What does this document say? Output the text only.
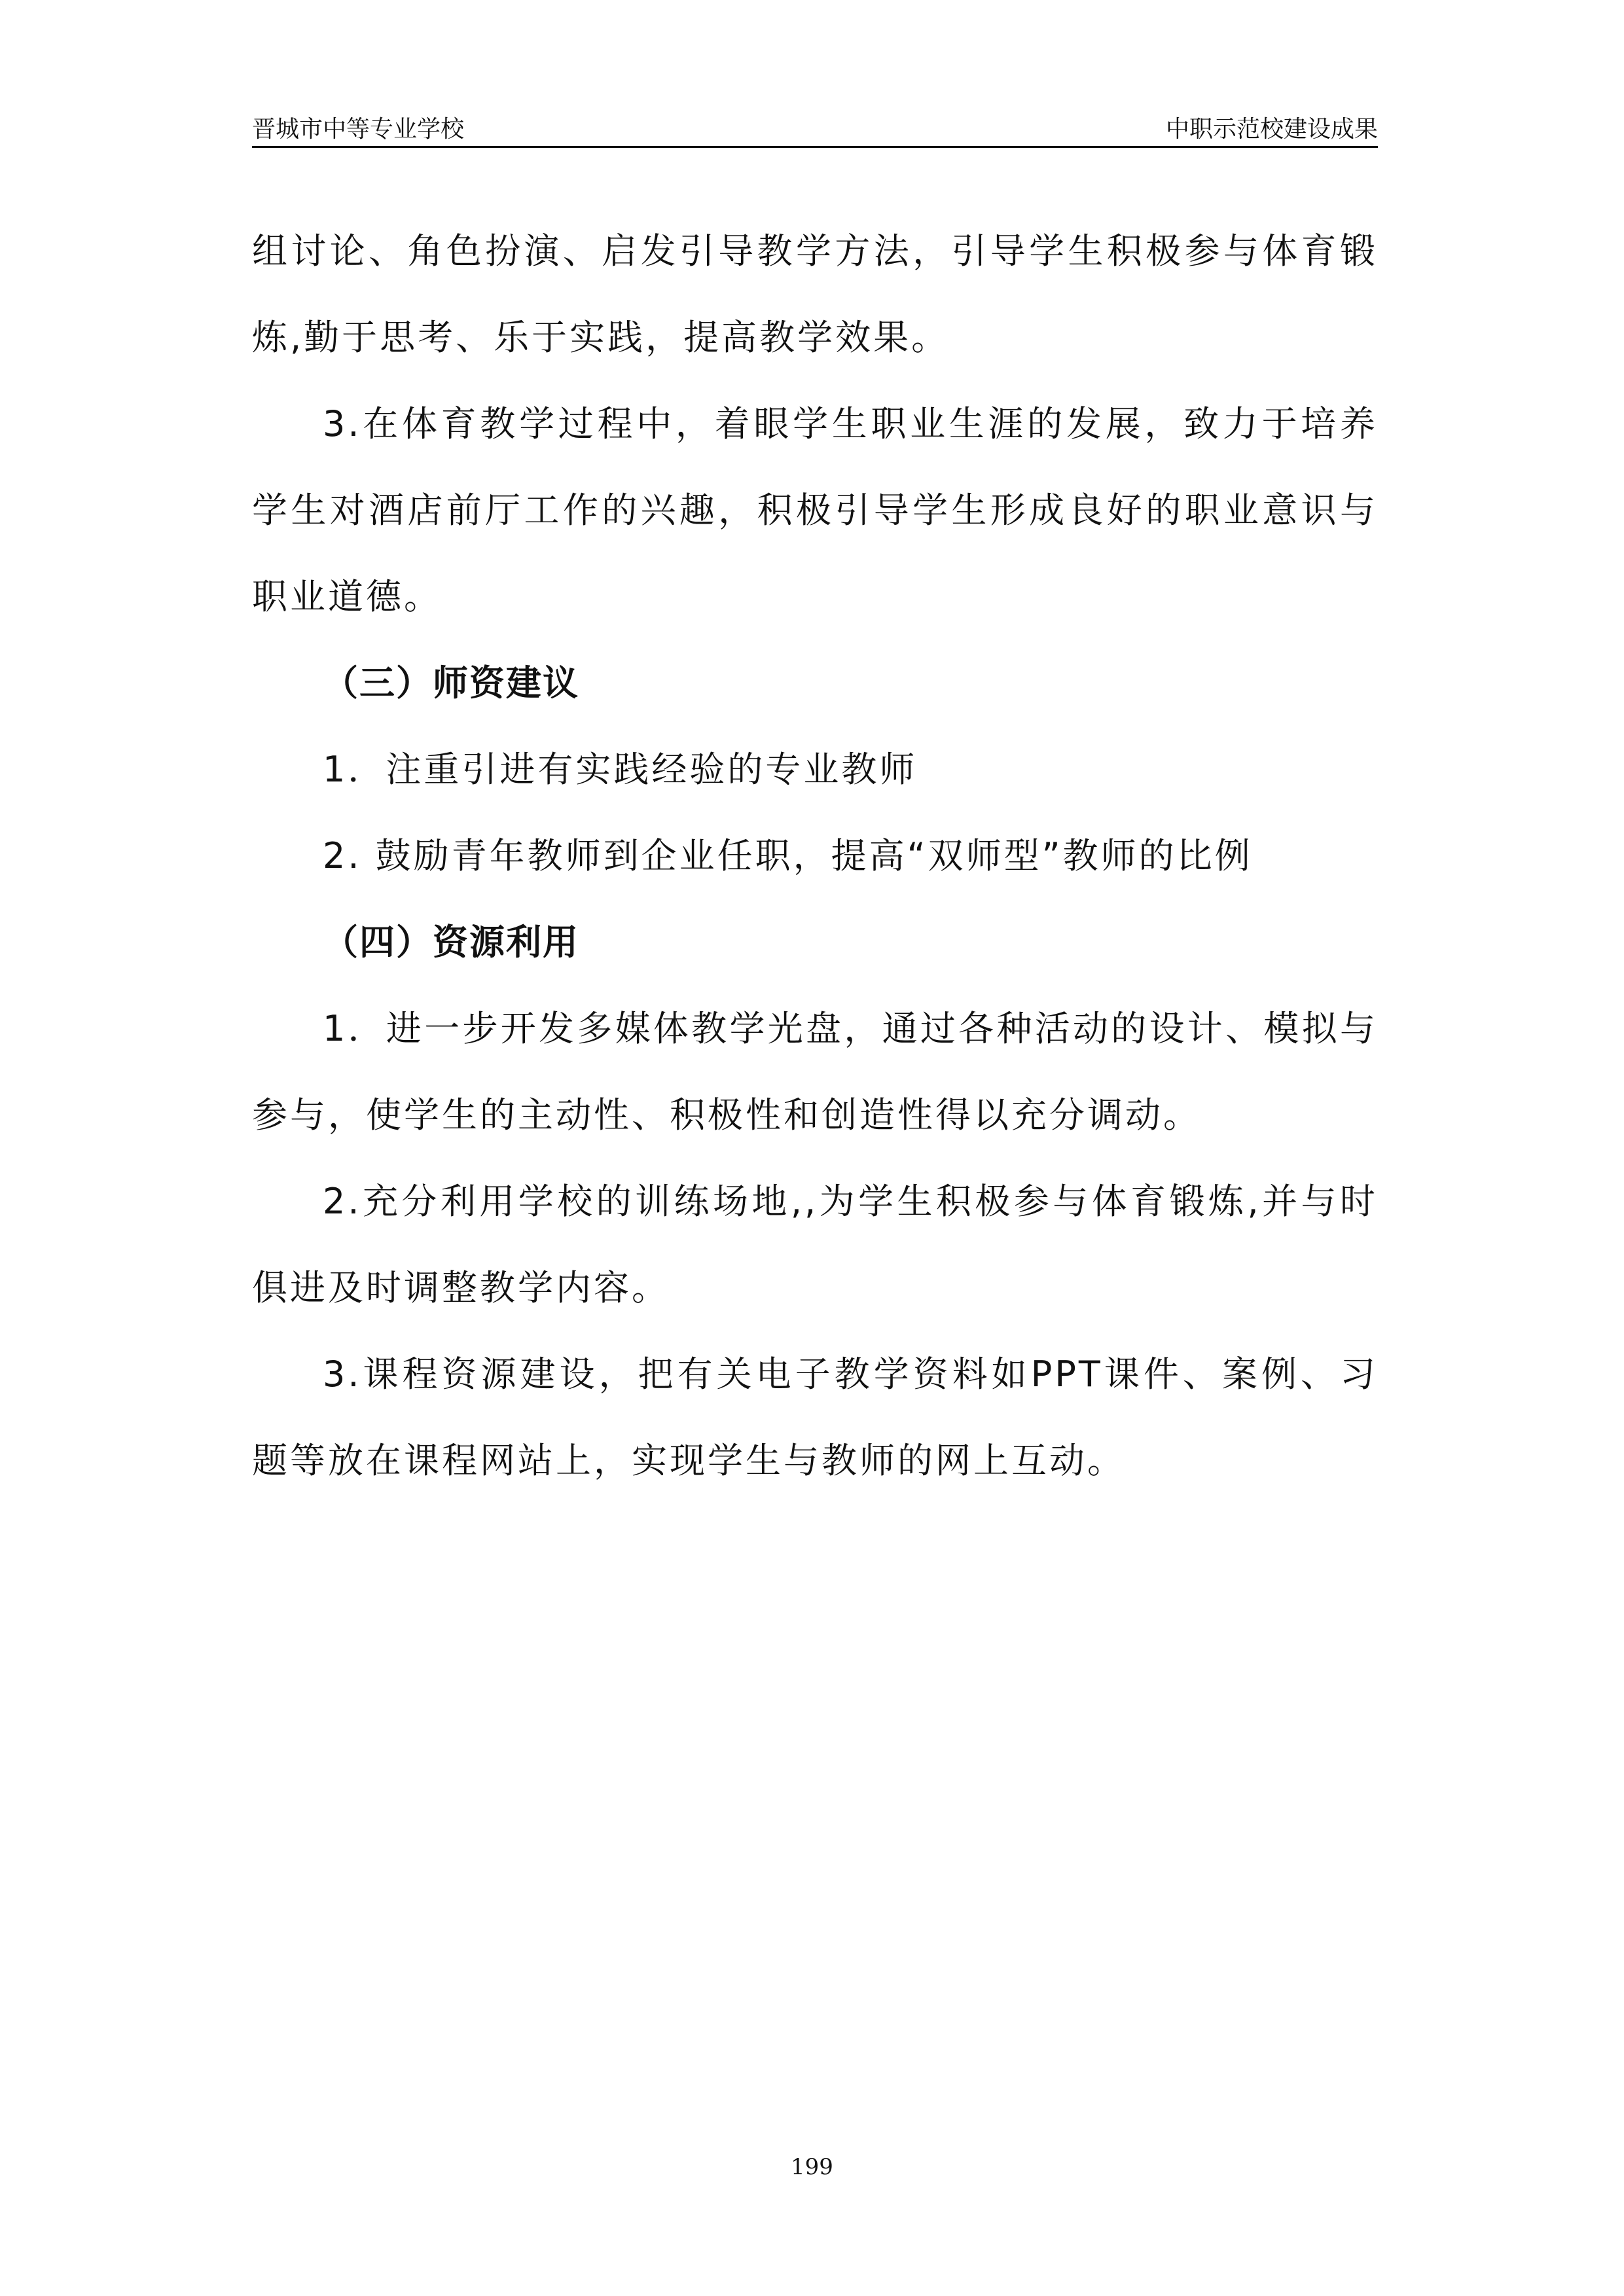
晋城市中等专业学校	中职示范校建设成果

组讨论、角色扮演、启发引导教学方法，引导学生积极参与体育锻炼,勤于思考、乐于实践，提高教学效果。

3.在体育教学过程中，着眼学生职业生涯的发展，致力于培养学生对酒店前厅工作的兴趣，积极引导学生形成良好的职业意识与职业道德。

（三）师资建议

1．注重引进有实践经验的专业教师

2. 鼓励青年教师到企业任职，提高“双师型”教师的比例

（四）资源利用

1．进一步开发多媒体教学光盘，通过各种活动的设计、模拟与参与，使学生的主动性、积极性和创造性得以充分调动。

2.充分利用学校的训练场地,,为学生积极参与体育锻炼,并与时俱进及时调整教学内容。

3.课程资源建设，把有关电子教学资料如PPT课件、案例、习题等放在课程网站上，实现学生与教师的网上互动。

199
